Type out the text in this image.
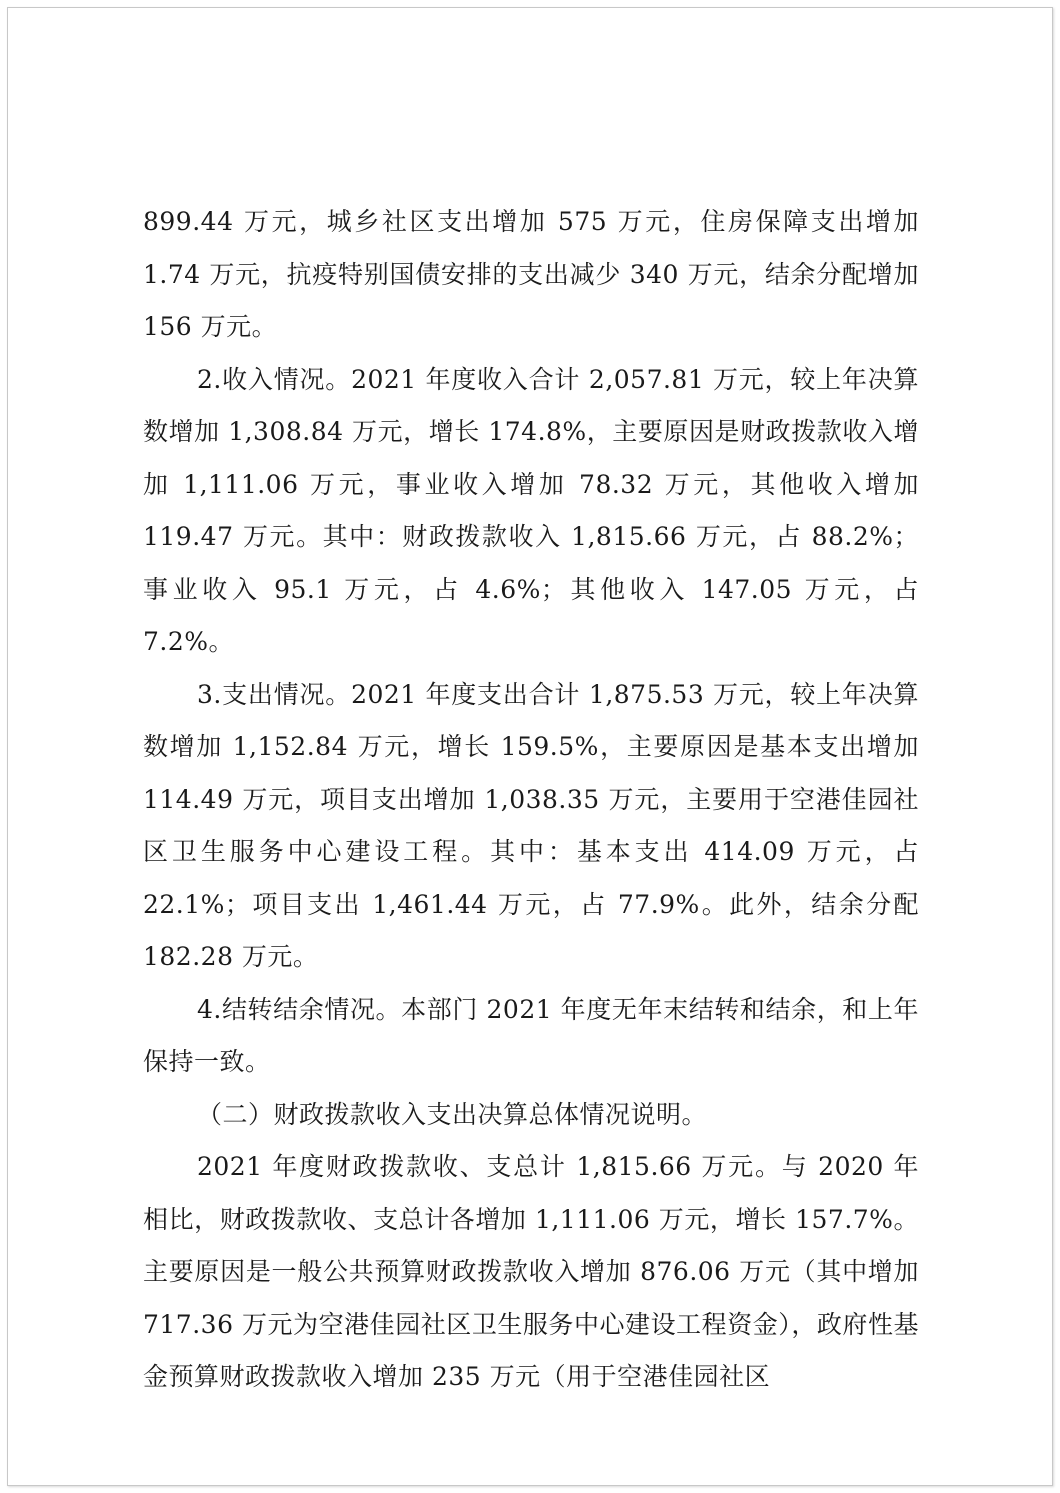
899.44 万元，城乡社区支出增加 575 万元，住房保障支出增加 1.74 万元，抗疫特别国债安排的支出减少 340 万元，结余分配增加 156 万元。

2.收入情况。2021 年度收入合计 2,057.81 万元，较上年决算数增加 1,308.84 万元，增长 174.8%，主要原因是财政拨款收入增加 1,111.06 万元，事业收入增加 78.32 万元，其他收入增加 119.47 万元。其中：财政拨款收入 1,815.66 万元，占 88.2%；事业收入 95.1 万元，占 4.6%；其他收入 147.05 万元，占 7.2%。

3.支出情况。2021 年度支出合计 1,875.53 万元，较上年决算数增加 1,152.84 万元，增长 159.5%，主要原因是基本支出增加 114.49 万元，项目支出增加 1,038.35 万元，主要用于空港佳园社区卫生服务中心建设工程。其中：基本支出 414.09 万元，占 22.1%；项目支出 1,461.44 万元，占 77.9%。此外，结余分配 182.28 万元。

4.结转结余情况。本部门 2021 年度无年末结转和结余，和上年保持一致。

（二）财政拨款收入支出决算总体情况说明。

2021 年度财政拨款收、支总计 1,815.66 万元。与 2020 年相比，财政拨款收、支总计各增加 1,111.06 万元，增长 157.7%。主要原因是一般公共预算财政拨款收入增加 876.06 万元（其中增加 717.36 万元为空港佳园社区卫生服务中心建设工程资金），政府性基金预算财政拨款收入增加 235 万元（用于空港佳园社区
